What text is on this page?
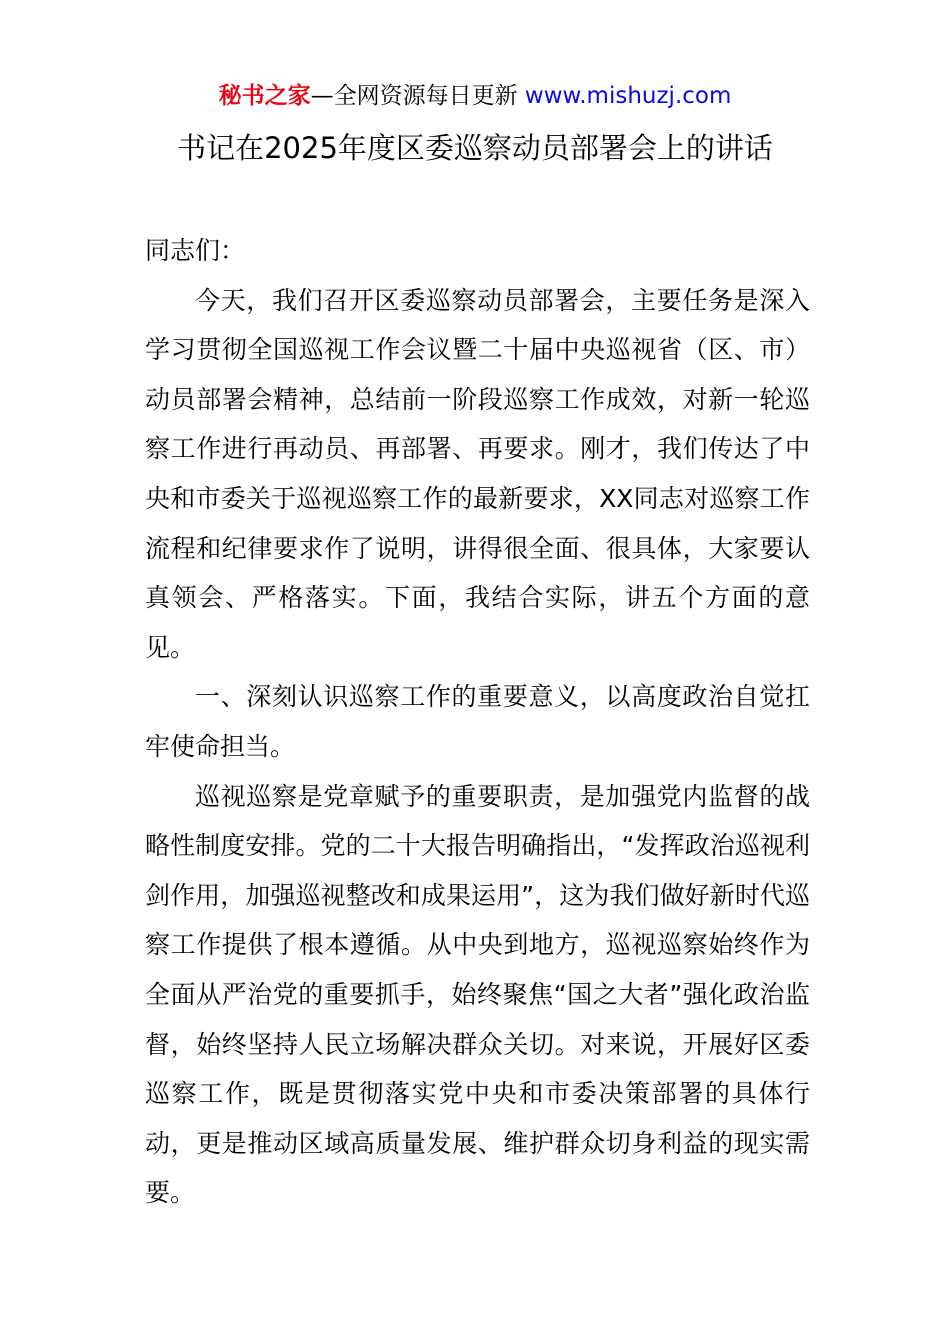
秘书之家—全网资源每日更新 www.mishuzj.com
书记在2025年度区委巡察动员部署会上的讲话

同志们：

今天，我们召开区委巡察动员部署会，主要任务是深入学习贯彻全国巡视工作会议暨二十届中央巡视省（区、市）动员部署会精神，总结前一阶段巡察工作成效，对新一轮巡察工作进行再动员、再部署、再要求。刚才，我们传达了中央和市委关于巡视巡察工作的最新要求，XX同志对巡察工作流程和纪律要求作了说明，讲得很全面、很具体，大家要认真领会、严格落实。下面，我结合实际，讲五个方面的意见。

一、深刻认识巡察工作的重要意义，以高度政治自觉扛牢使命担当。

巡视巡察是党章赋予的重要职责，是加强党内监督的战略性制度安排。党的二十大报告明确指出，“发挥政治巡视利剑作用，加强巡视整改和成果运用”，这为我们做好新时代巡察工作提供了根本遵循。从中央到地方，巡视巡察始终作为全面从严治党的重要抓手，始终聚焦“国之大者”强化政治监督，始终坚持人民立场解决群众关切。对来说，开展好区委巡察工作，既是贯彻落实党中央和市委决策部署的具体行动，更是推动区域高质量发展、维护群众切身利益的现实需要。
